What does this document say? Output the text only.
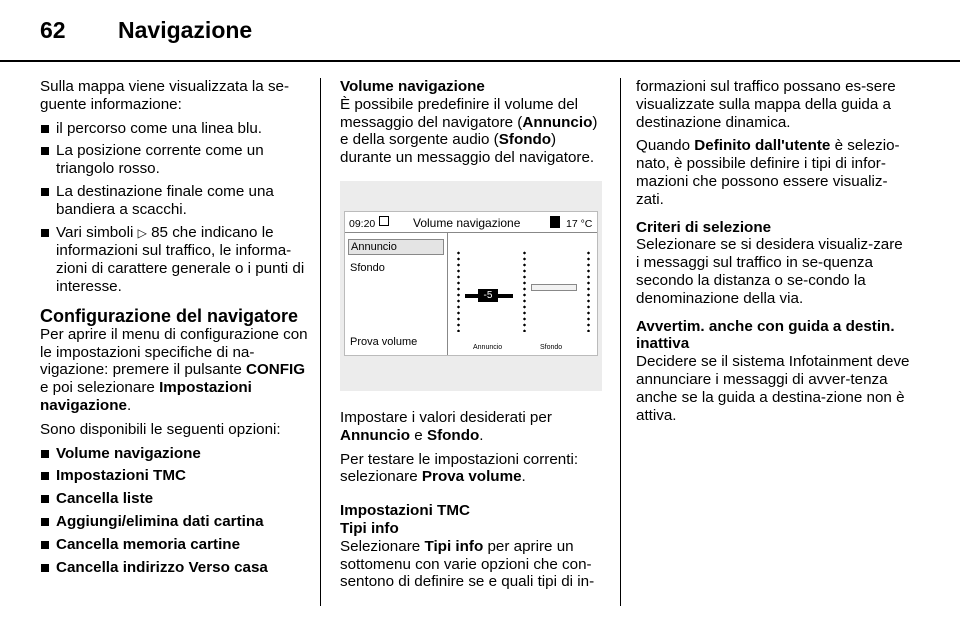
62 Navigazione

Sulla mappa viene visualizzata la se-guente informazione:

il percorso come una linea blu.
La posizione corrente come un triangolo rosso.
La destinazione finale come una bandiera a scacchi.
Vari simboli ▷ 85 che indicano le informazioni sul traffico, le informa-zioni di carattere generale o i punti di interesse.
Configurazione del navigatore

Per aprire il menu di configurazione con le impostazioni specifiche di na-vigazione: premere il pulsante CONFIG e poi selezionare Impostazioni navigazione.

Sono disponibili le seguenti opzioni:

Volume navigazione
Impostazioni TMC
Cancella liste
Aggiungi/elimina dati cartina
Cancella memoria cartine
Cancella indirizzo Verso casa
Volume navigazione

È possibile predefinire il volume del messaggio del navigatore (Annuncio) e della sorgente audio (Sfondo) durante un messaggio del navigatore.

09:20	Volume navigazione	17 °C
Annuncio
Sfondo
Prova volume
-5
Annuncio	Sfondo

Impostare i valori desiderati per Annuncio e Sfondo.

Per testare le impostazioni correnti: selezionare Prova volume.

Impostazioni TMC
Tipi info

Selezionare Tipi info per aprire un sottomenu con varie opzioni che con-sentono di definire se e quali tipi di in-

formazioni sul traffico possano es-sere visualizzate sulla mappa della guida a destinazione dinamica.

Quando Definito dall'utente è selezio-nato, è possibile definire i tipi di infor-mazioni che possono essere visualiz-zati.

Criteri di selezione

Selezionare se si desidera visualiz-zare i messaggi sul traffico in se-quenza secondo la distanza o se-condo la denominazione della via.

Avvertim. anche con guida a destin. inattiva

Decidere se il sistema Infotainment deve annunciare i messaggi di avver-tenza anche se la guida a destina-zione non è attiva.
